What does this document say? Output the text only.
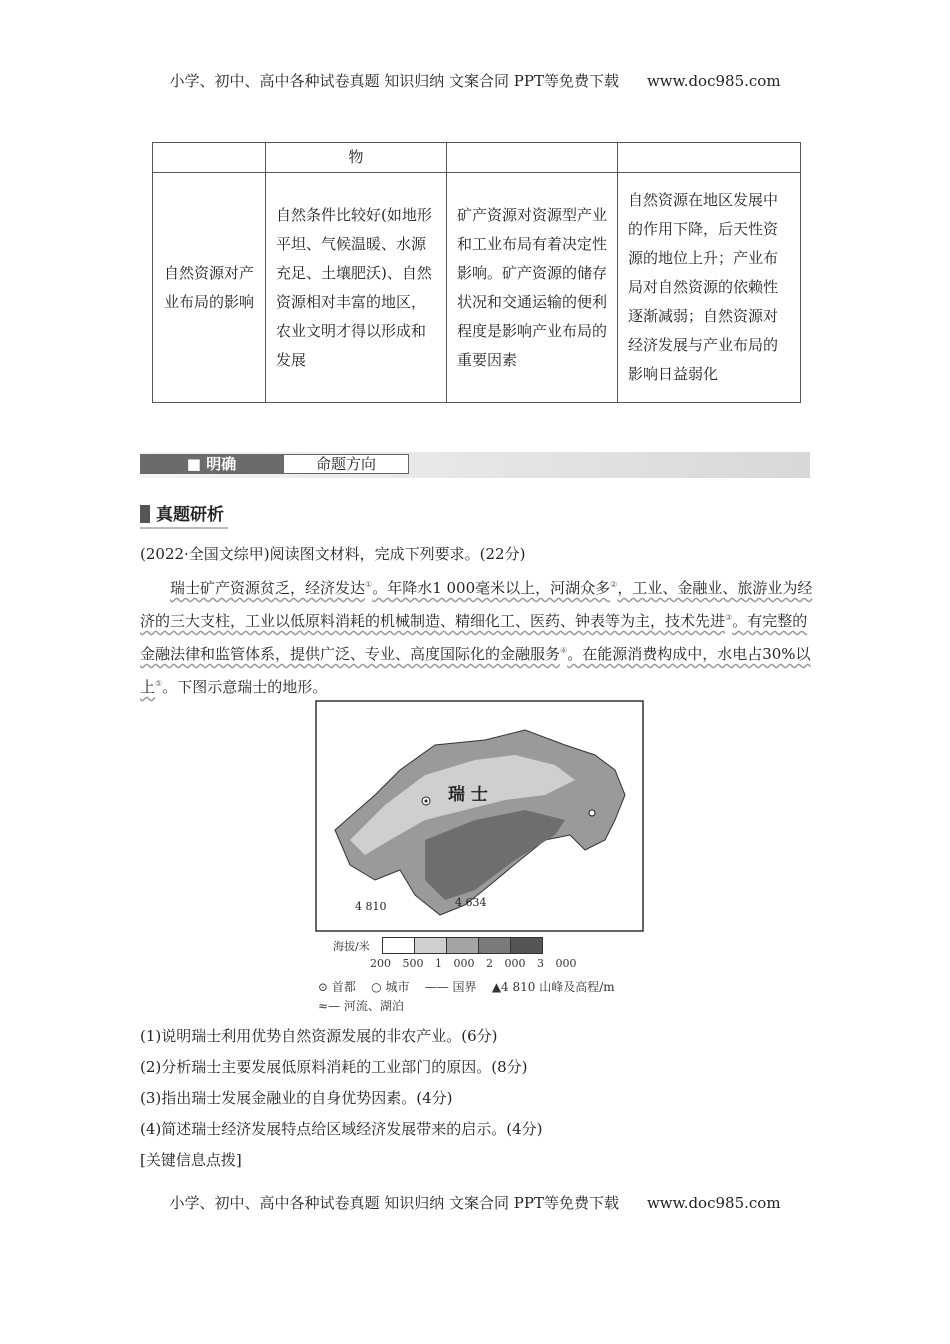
小学、初中、高中各种试卷真题 知识归纳 文案合同 PPT等免费下载 www.doc985.com
	物		
自然资源对产业布局的影响	自然条件比较好(如地形平坦、气候温暖、水源充足、土壤肥沃)、自然资源相对丰富的地区，农业文明才得以形成和发展	矿产资源对资源型产业和工业布局有着决定性影响。矿产资源的储存状况和交通运输的便利程度是影响产业布局的重要因素	自然资源在地区发展中的作用下降，后天性资源的地位上升；产业布局对自然资源的依赖性逐渐减弱；自然资源对经济发展与产业布局的影响日益弱化
■ 明确	命题方向
真题研析
(2022·全国文综甲)阅读图文材料，完成下列要求。(22分)
瑞士矿产资源贫乏，经济发达①。年降水1 000毫米以上，河湖众多②，工业、金融业、旅游业为经济的三大支柱，工业以低原料消耗的机械制造、精细化工、医药、钟表等为主，技术先进③。有完整的金融法律和监管体系，提供广泛、专业、高度国际化的金融服务④。在能源消费构成中，水电占30%以上⑤。下图示意瑞士的地形。
瑞 士
4 810	4 634
海拔/米
200 500 1 000 2 000 3 000
⊙ 首都    ○ 城市    —— 国界 ▲4 810 山峰及高程/m
≈— 河流、湖泊
(1)说明瑞士利用优势自然资源发展的非农产业。(6分)
(2)分析瑞士主要发展低原料消耗的工业部门的原因。(8分)
(3)指出瑞士发展金融业的自身优势因素。(4分)
(4)简述瑞士经济发展特点给区域经济发展带来的启示。(4分)
[关键信息点拨]
小学、初中、高中各种试卷真题 知识归纳 文案合同 PPT等免费下载 www.doc985.com
